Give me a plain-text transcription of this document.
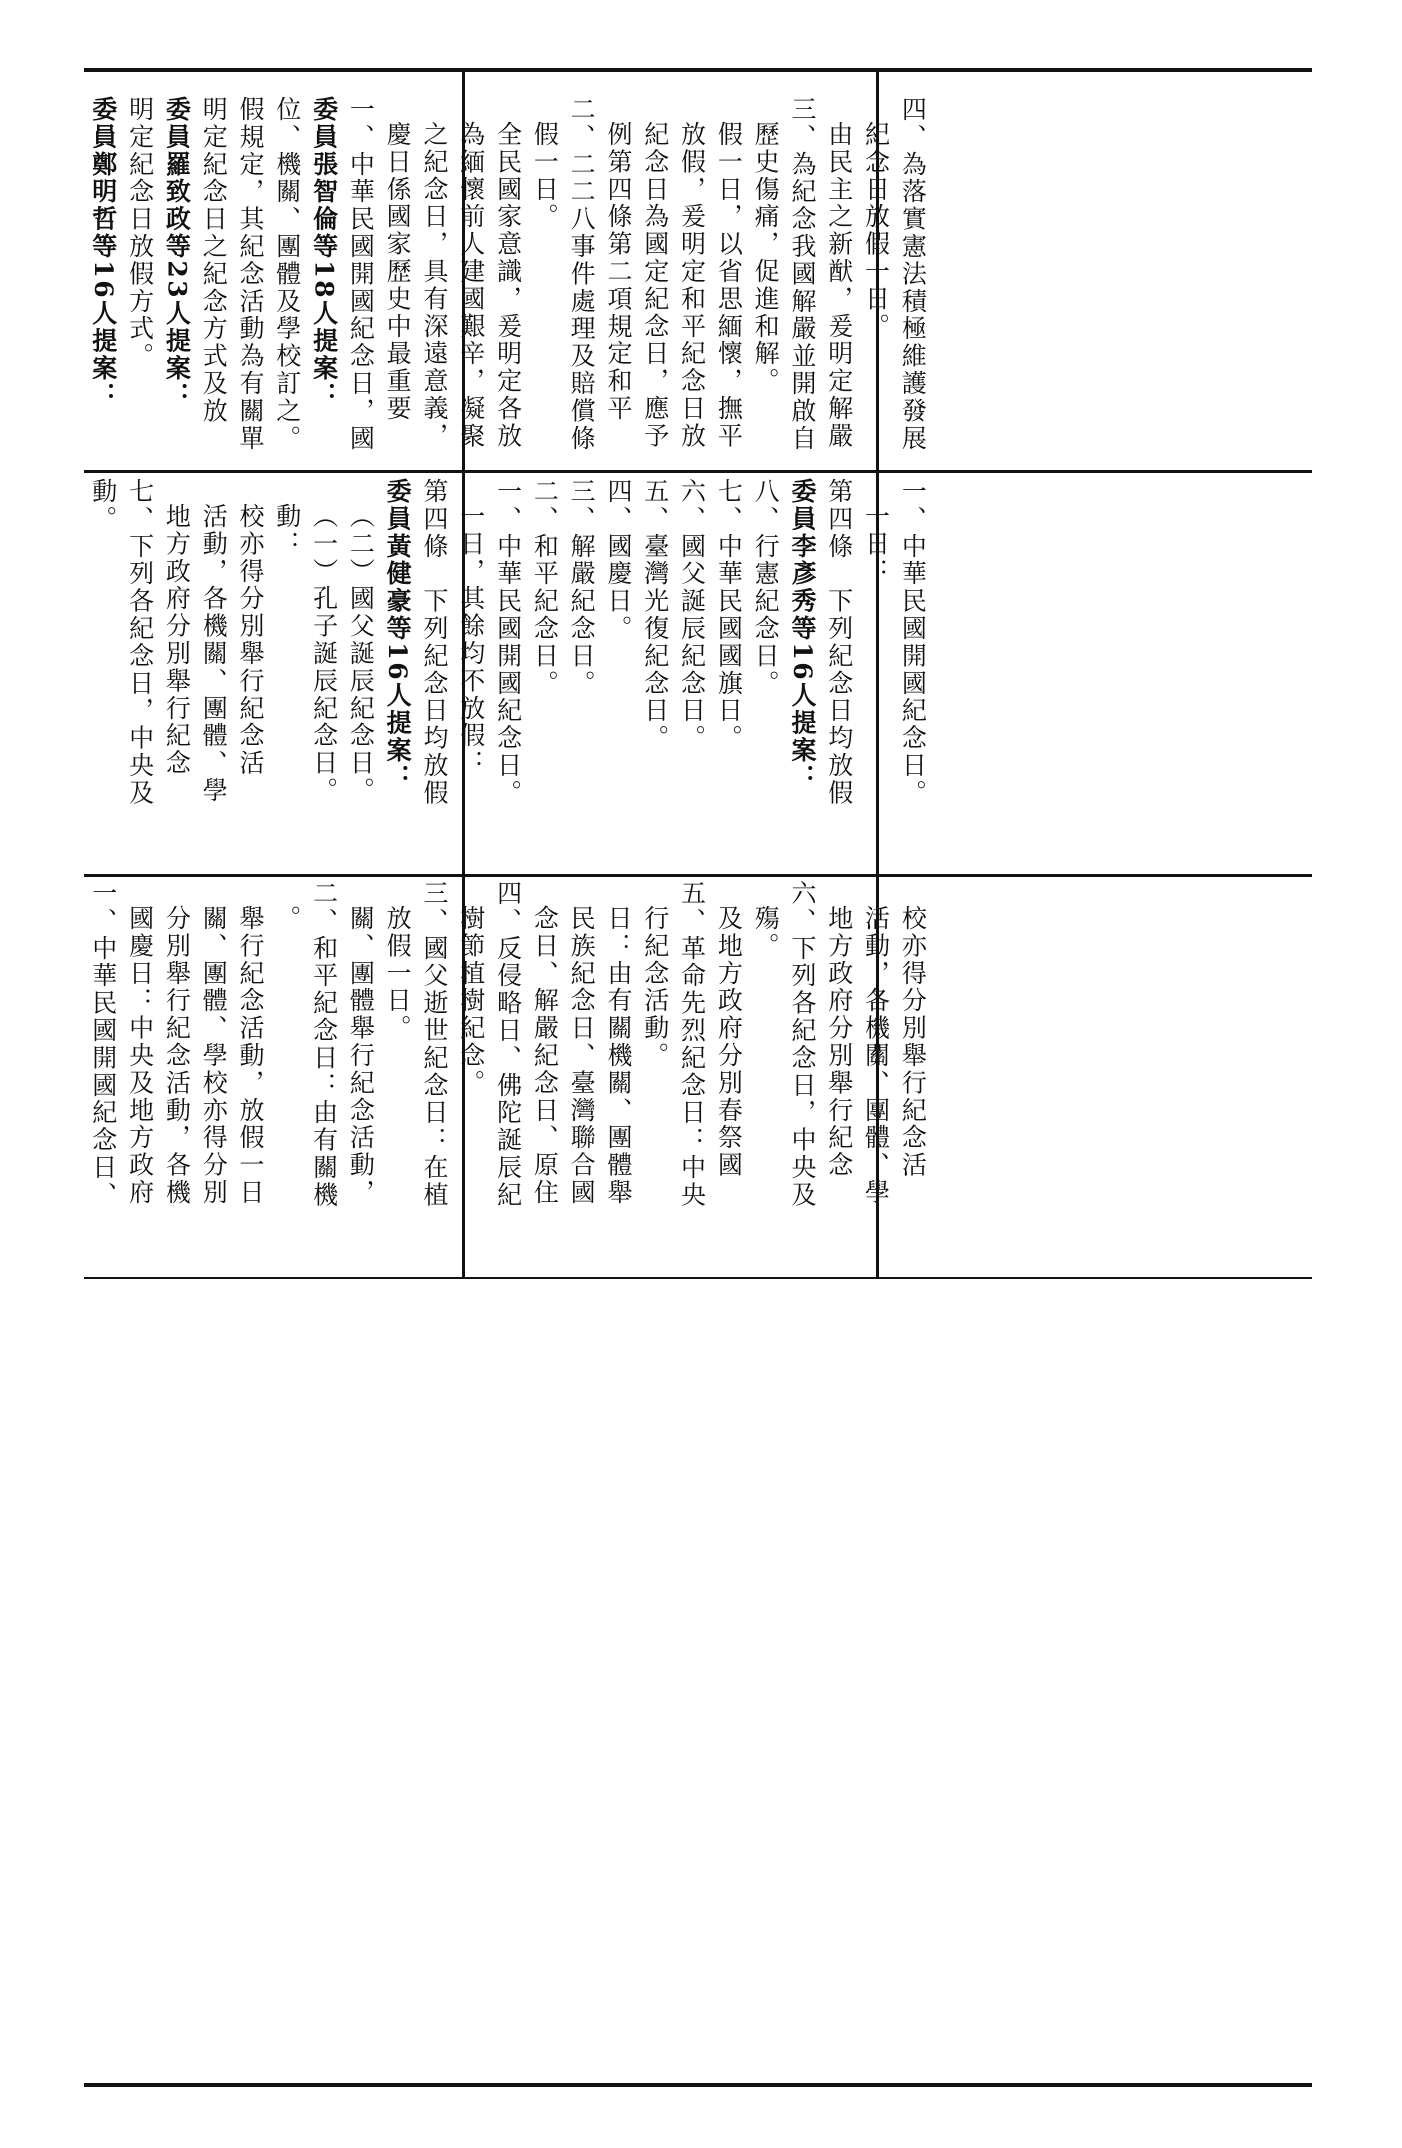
委員鄭明哲等16人提案： 明定紀念日放假方式。 委員羅致政等23人提案： 明定紀念日之紀念方式及放 假規定，其紀念活動為有關單 位、機關、團體及學校訂之。 委員張智倫等18人提案： 一、中華民國開國紀念日，國 慶日係國家歷史中最重要 之紀念日，具有深遠意義， 為緬懷前人建國艱辛，凝聚 全民國家意識，爰明定各放 假一日。 二、二二八事件處理及賠償條 例第四條第二項規定和平 紀念日為國定紀念日，應予 放假，爰明定和平紀念日放 假一日，以省思緬懷，撫平 歷史傷痛，促進和解。 三、為紀念我國解嚴並開啟自 由民主之新猷，爰明定解嚴 紀念日放假一日。 四、為落實憲法積極維護發展
動。 七、下列各紀念日，中央及 地方政府分別舉行紀念 活動，各機關、團體、學 校亦得分別舉行紀念活 動： （一）孔子誕辰紀念日。 （二）國父誕辰紀念日。 委員黃健豪等16人提案： 第四條　下列紀念日均放假 一日，其餘均不放假： 一、中華民國開國紀念日。 二、和平紀念日。 三、解嚴紀念日。 四、國慶日。 五、臺灣光復紀念日。 六、國父誕辰紀念日。 七、中華民國國旗日。 八、行憲紀念日。 委員李彥秀等16人提案： 第四條　下列紀念日均放假 一日： 一、中華民國開國紀念日。
一、中華民國開國紀念日、 國慶日：中央及地方政府 分別舉行紀念活動，各機 關、團體、學校亦得分別 舉行紀念活動，放假一日 。 二、和平紀念日：由有關機 關、團體舉行紀念活動， 放假一日。 三、國父逝世紀念日：在植 樹節植樹紀念。 四、反侵略日、佛陀誕辰紀 念日、解嚴紀念日、原住 民族紀念日、臺灣聯合國 日：由有關機關、團體舉 行紀念活動。 五、革命先烈紀念日：中央 及地方政府分別春祭國 殤。 六、下列各紀念日，中央及 地方政府分別舉行紀念 活動，各機關、團體、學 校亦得分別舉行紀念活
